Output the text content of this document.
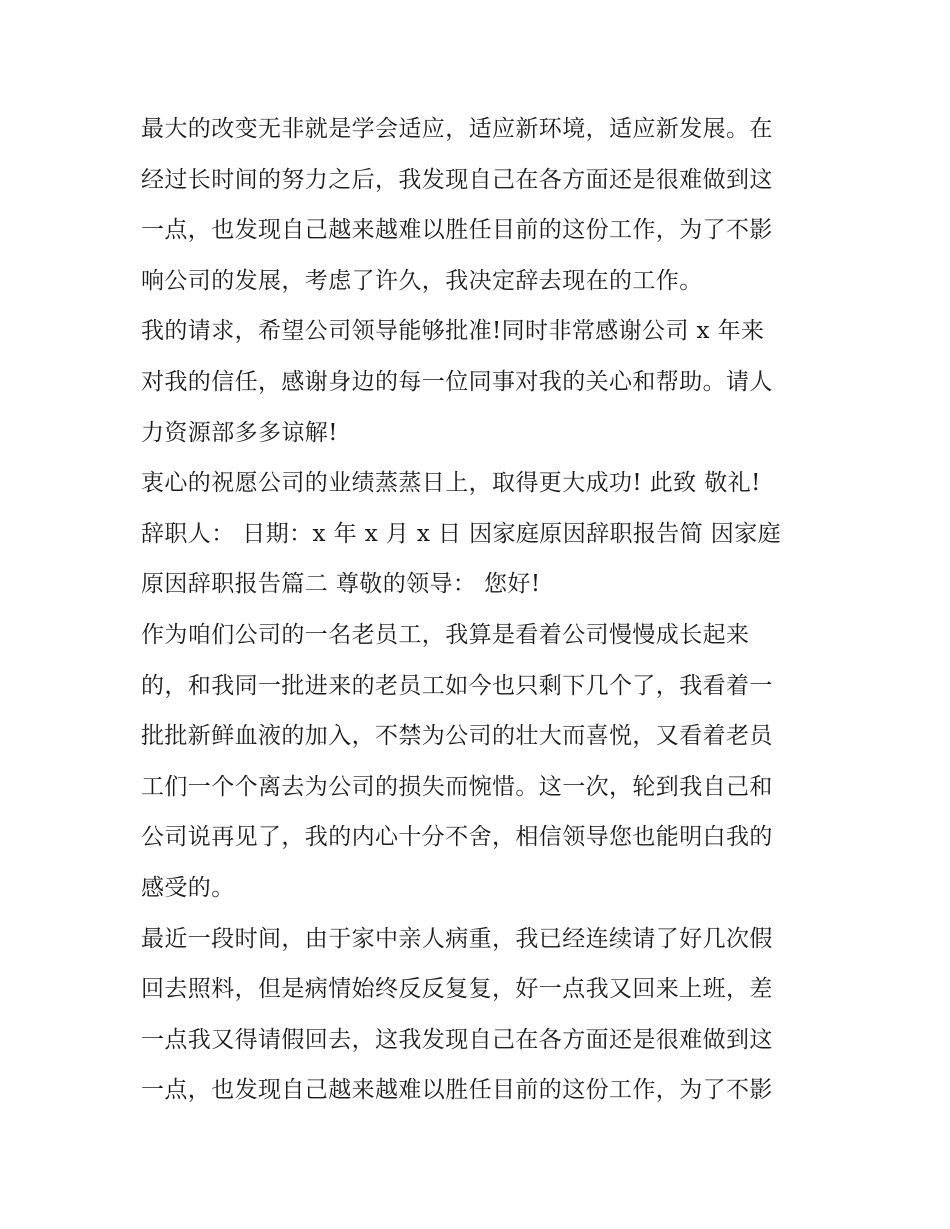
最大的改变无非就是学会适应，适应新环境，适应新发展。在
经过长时间的努力之后，我发现自己在各方面还是很难做到这
一点，也发现自己越来越难以胜任目前的这份工作，为了不影
响公司的发展，考虑了许久，我决定辞去现在的工作。
我的请求，希望公司领导能够批准!同时非常感谢公司 x 年来
对我的信任，感谢身边的每一位同事对我的关心和帮助。请人
力资源部多多谅解!
衷心的祝愿公司的业绩蒸蒸日上，取得更大成功! 此致 敬礼!
辞职人： 日期：x 年 x 月 x 日 因家庭原因辞职报告简 因家庭
原因辞职报告篇二 尊敬的领导： 您好!
作为咱们公司的一名老员工，我算是看着公司慢慢成长起来
的，和我同一批进来的老员工如今也只剩下几个了，我看着一
批批新鲜血液的加入，不禁为公司的壮大而喜悦，又看着老员
工们一个个离去为公司的损失而惋惜。这一次，轮到我自己和
公司说再见了，我的内心十分不舍，相信领导您也能明白我的
感受的。
最近一段时间，由于家中亲人病重，我已经连续请了好几次假
回去照料，但是病情始终反反复复，好一点我又回来上班，差
一点我又得请假回去，这我发现自己在各方面还是很难做到这
一点，也发现自己越来越难以胜任目前的这份工作，为了不影
